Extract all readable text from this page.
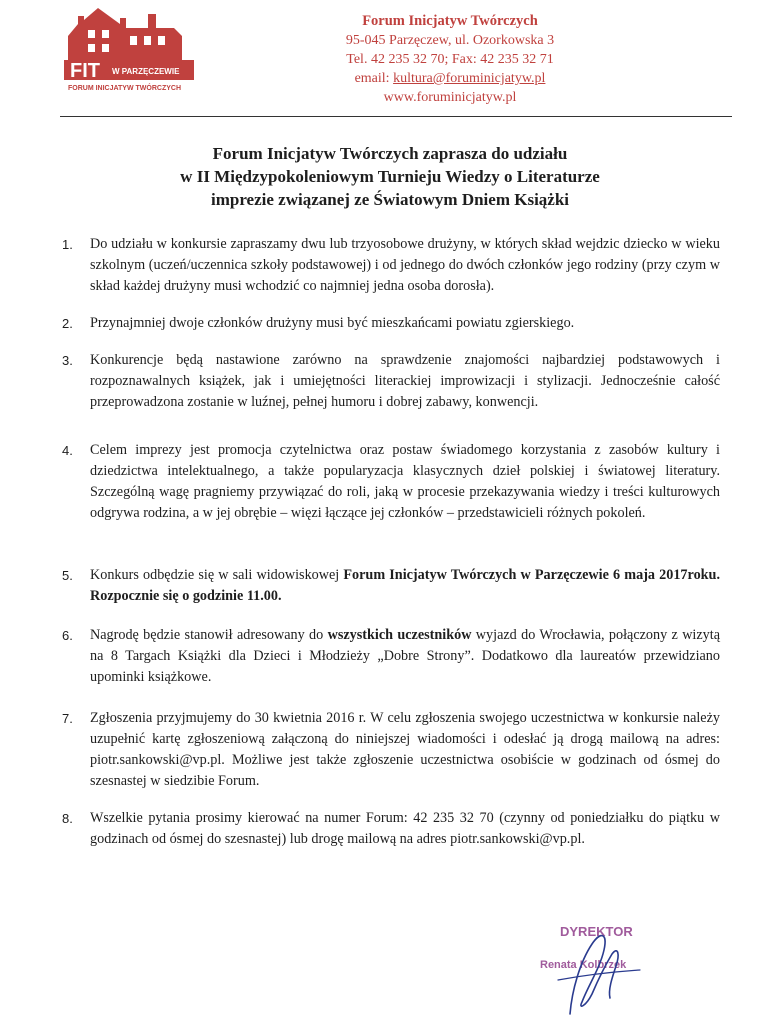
FIT W PARZĘCZEWIE
FORUM INICJATYW TWÓRCZYCH
Forum Inicjatyw Twórczych
95-045 Parzęczew, ul. Ozorkowska 3
Tel. 42 235 32 70; Fax: 42 235 32 71
email: kultura@foruminicjatyw.pl
www.foruminicjatyw.pl
Forum Inicjatyw Twórczych zaprasza do udziału
w II Międzypokoleniowym Turnieju Wiedzy o Literaturze
imprezie związanej ze Światowym Dniem Książki
1. Do udziału w konkursie zapraszamy dwu lub trzyosobowe drużyny, w których skład wejdzic dziecko w wieku szkolnym (uczeń/uczennica szkoły podstawowej) i od jednego do dwóch członków jego rodziny (przy czym w skład każdej drużyny musi wchodzić co najmniej jedna osoba dorosła).
2. Przynajmniej dwoje członków drużyny musi być mieszkańcami powiatu zgierskiego.
3. Konkurencje będą nastawione zarówno na sprawdzenie znajomości najbardziej podstawowych i rozpoznawalnych książek, jak i umiejętności literackiej improwizacji i stylizacji. Jednocześnie całość przeprowadzona zostanie w luźnej, pełnej humoru i dobrej zabawy, konwencji.
4. Celem imprezy jest promocja czytelnictwa oraz postaw świadomego korzystania z zasobów kultury i dziedzictwa intelektualnego, a także popularyzacja klasycznych dzieł polskiej i światowej literatury. Szczególną wagę pragniemy przywiązać do roli, jaką w procesie przekazywania wiedzy i treści kulturowych odgrywa rodzina, a w jej obrębie – więzi łączące jej członków – przedstawicieli różnych pokoleń.
5. Konkurs odbędzie się w sali widowiskowej Forum Inicjatyw Twórczych w Parzęczewie 6 maja 2017roku. Rozpocznie się o godzinie 11.00.
6. Nagrodę będzie stanowił adresowany do wszystkich uczestników wyjazd do Wrocławia, połączony z wizytą na 8 Targach Książki dla Dzieci i Młodzieży „Dobre Strony”. Dodatkowo dla laureatów przewidziano upominki książkowe.
7. Zgłoszenia przyjmujemy do 30 kwietnia 2016 r. W celu zgłoszenia swojego uczestnictwa w konkursie należy uzupełnić kartę zgłoszeniową załączoną do niniejszej wiadomości i odesłać ją drogą mailową na adres: piotr.sankowski@vp.pl. Możliwe jest także zgłoszenie uczestnictwa osobiście w godzinach od ósmej do szesnastej w siedzibie Forum.
8. Wszelkie pytania prosimy kierować na numer Forum: 42 235 32 70 (czynny od poniedziałku do piątku w godzinach od ósmej do szesnastej) lub drogę mailową na adres piotr.sankowski@vp.pl.
DYREKTOR
Renata Kolbrzek
